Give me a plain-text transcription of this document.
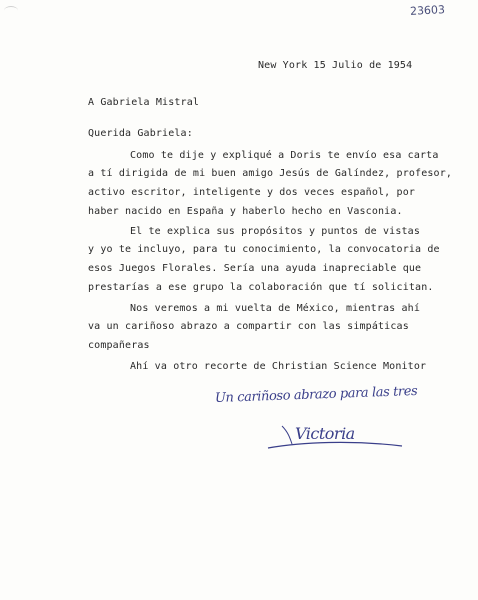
23603
New York 15 Julio de 1954
A Gabriela Mistral
Querida Gabriela:
Como te dije y expliqué a Doris te envío esa carta
a tí dirigida de mi buen amigo Jesús de Galíndez, profesor,
activo escritor, inteligente y dos veces español, por
haber nacido en España y haberlo hecho en Vasconia.
El te explica sus propósitos y puntos de vistas
y yo te incluyo, para tu conocimiento, la convocatoria de
esos Juegos Florales. Sería una ayuda inapreciable que
prestarías a ese grupo la colaboración que tí solicitan.
Nos veremos a mi vuelta de México, mientras ahí
va un cariñoso abrazo a compartir con las simpáticas
compañeras
Ahí va otro recorte de Christian Science Monitor
Un cariñoso abrazo para las tres
Victoria
